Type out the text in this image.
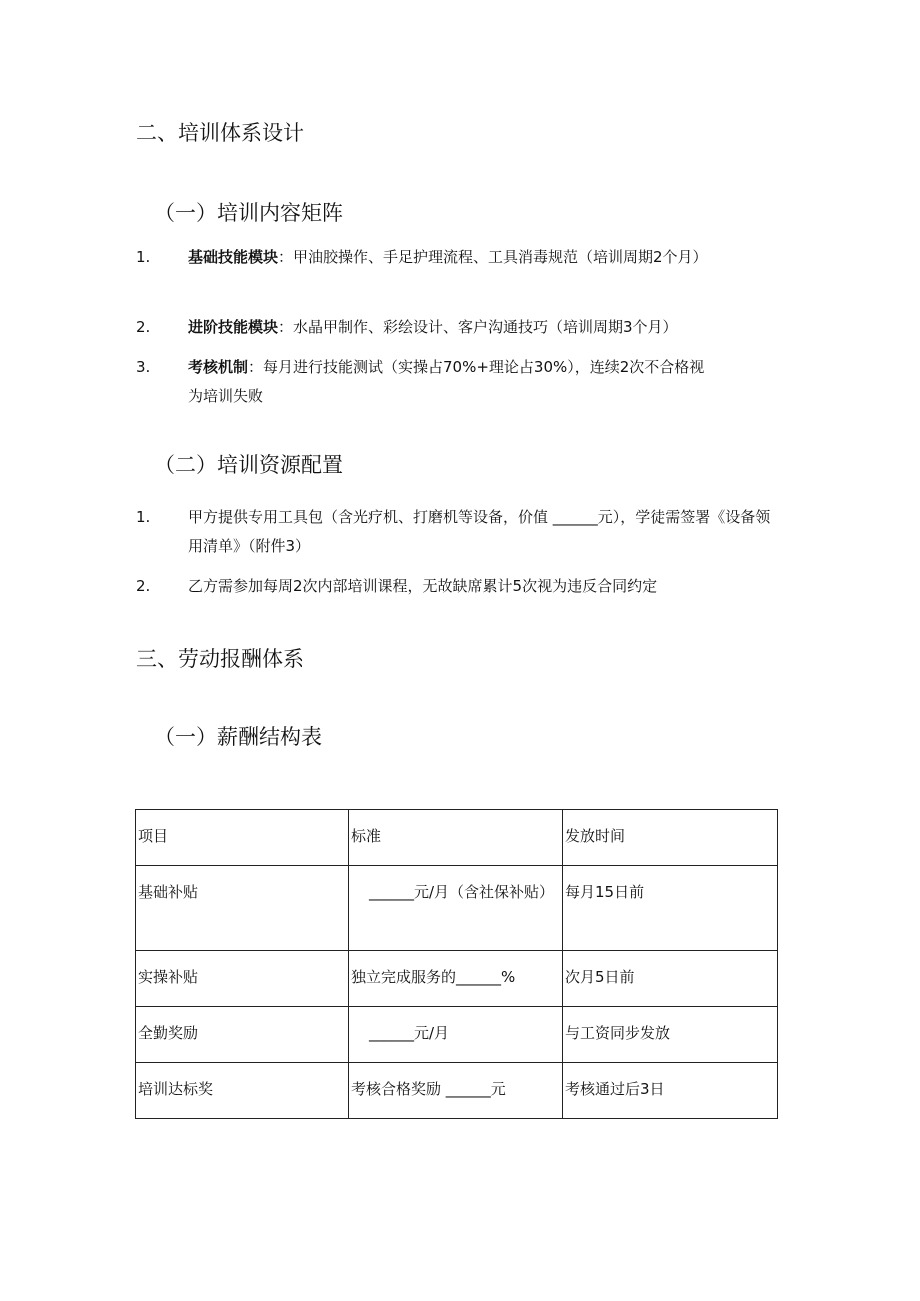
二、培训体系设计
（一）培训内容矩阵
1.	基础技能模块：甲油胶操作、手足护理流程、工具消毒规范（培训周期2个月）
2.	进阶技能模块：水晶甲制作、彩绘设计、客户沟通技巧（培训周期3个月）
3.	考核机制：每月进行技能测试（实操占70%+理论占30%），连续2次不合格视为培训失败
（二）培训资源配置
1.	甲方提供专用工具包（含光疗机、打磨机等设备，价值 ______元），学徒需签署《设备领用清单》（附件3）
2.	乙方需参加每周2次内部培训课程，无故缺席累计5次视为违反合同约定
三、劳动报酬体系
（一）薪酬结构表
项目	标准	发放时间
基础补贴	______元/月（含社保补贴）	每月15日前
实操补贴	独立完成服务的______%	次月5日前
全勤奖励	______元/月	与工资同步发放
培训达标奖	考核合格奖励 ______元	考核通过后3日
